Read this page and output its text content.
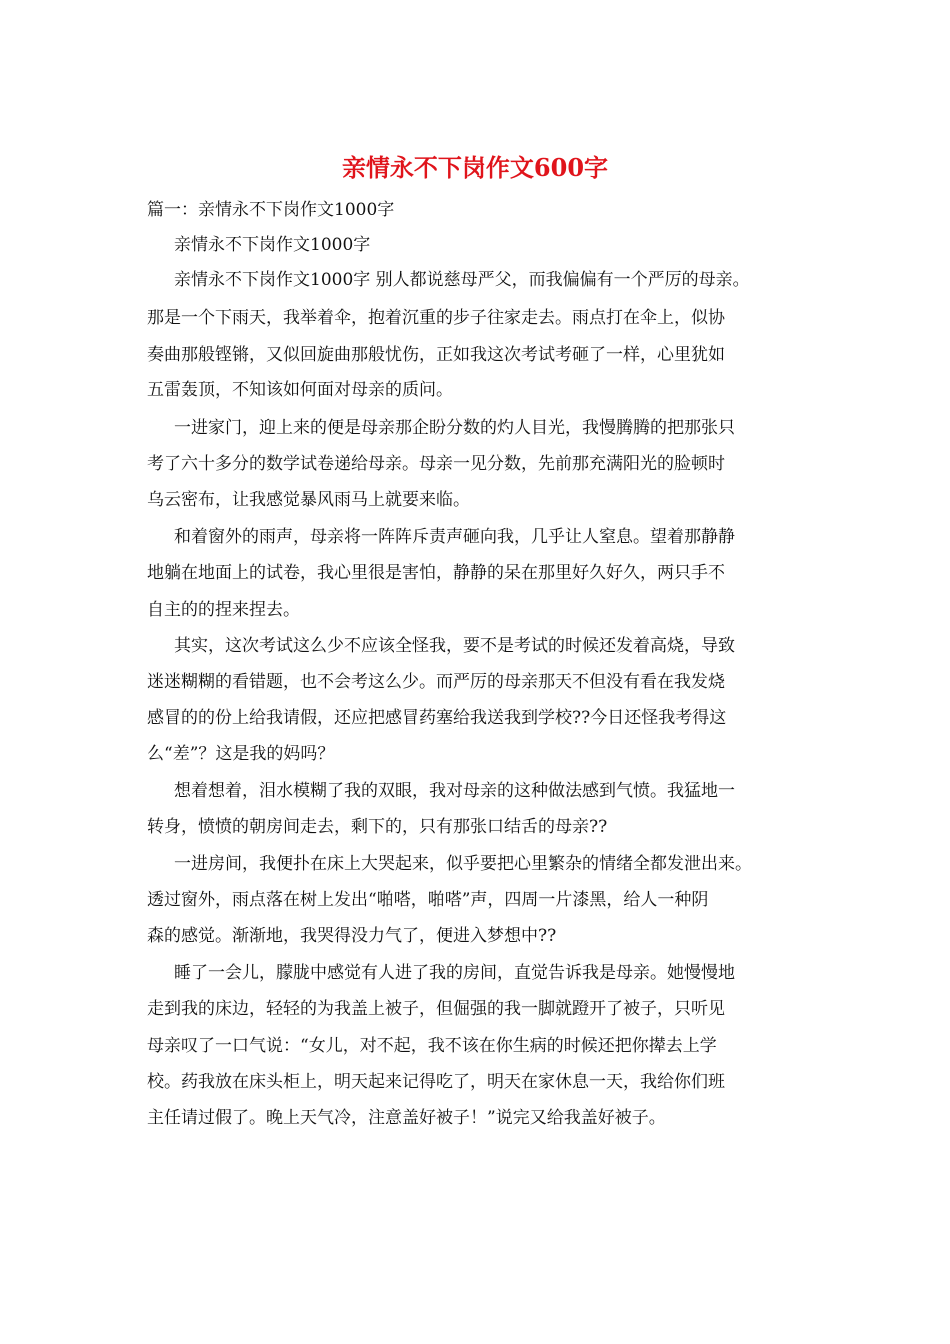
亲情永不下岗作文600字
篇一：亲情永不下岗作文1000字
亲情永不下岗作文1000字
亲情永不下岗作文1000字 别人都说慈母严父，而我偏偏有一个严厉的母亲。
那是一个下雨天，我举着伞，抱着沉重的步子往家走去。雨点打在伞上，似协
奏曲那般铿锵，又似回旋曲那般忧伤，正如我这次考试考砸了一样，心里犹如
五雷轰顶，不知该如何面对母亲的质问。
一进家门，迎上来的便是母亲那企盼分数的灼人目光，我慢腾腾的把那张只
考了六十多分的数学试卷递给母亲。母亲一见分数，先前那充满阳光的脸顿时
乌云密布，让我感觉暴风雨马上就要来临。
和着窗外的雨声，母亲将一阵阵斥责声砸向我，几乎让人窒息。望着那静静
地躺在地面上的试卷，我心里很是害怕，静静的呆在那里好久好久，两只手不
自主的的捏来捏去。
其实，这次考试这么少不应该全怪我，要不是考试的时候还发着高烧，导致
迷迷糊糊的看错题，也不会考这么少。而严厉的母亲那天不但没有看在我发烧
感冒的的份上给我请假，还应把感冒药塞给我送我到学校??今日还怪我考得这
么“差”？这是我的妈吗？
想着想着，泪水模糊了我的双眼，我对母亲的这种做法感到气愤。我猛地一
转身，愤愤的朝房间走去，剩下的，只有那张口结舌的母亲??
一进房间，我便扑在床上大哭起来，似乎要把心里繁杂的情绪全都发泄出来。
透过窗外，雨点落在树上发出“啪嗒，啪嗒”声，四周一片漆黑，给人一种阴
森的感觉。渐渐地，我哭得没力气了，便进入梦想中??
睡了一会儿，朦胧中感觉有人进了我的房间，直觉告诉我是母亲。她慢慢地
走到我的床边，轻轻的为我盖上被子，但倔强的我一脚就蹬开了被子，只听见
母亲叹了一口气说：“女儿，对不起，我不该在你生病的时候还把你撵去上学
校。药我放在床头柜上，明天起来记得吃了，明天在家休息一天，我给你们班
主任请过假了。晚上天气冷，注意盖好被子！”说完又给我盖好被子。
